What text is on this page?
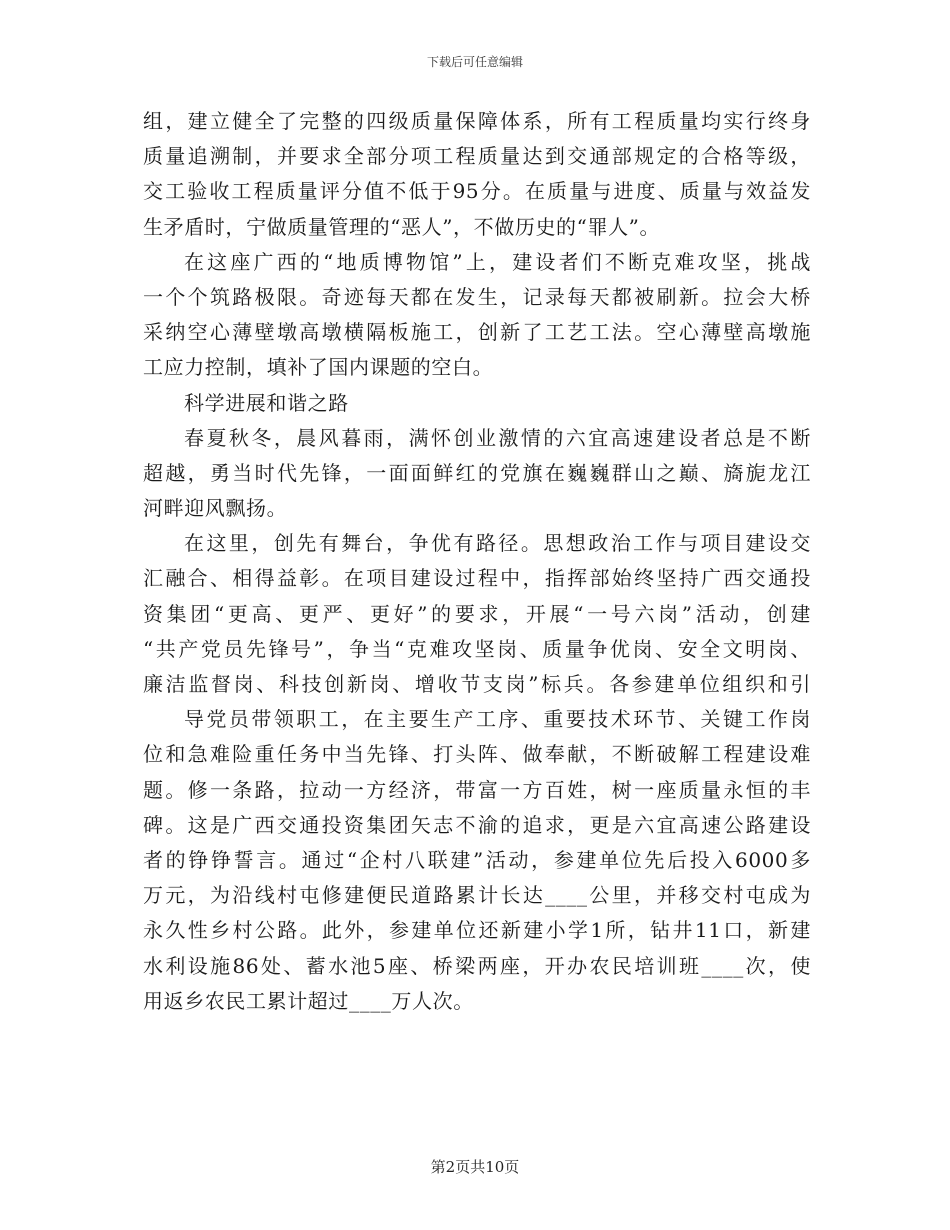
下载后可任意编辑
组，建立健全了完整的四级质量保障体系，所有工程质量均实行终身
质量追溯制，并要求全部分项工程质量达到交通部规定的合格等级，
交工验收工程质量评分值不低于95分。在质量与进度、质量与效益发
生矛盾时，宁做质量管理的“恶人”，不做历史的“罪人”。
在这座广西的“地质博物馆”上，建设者们不断克难攻坚，挑战
一个个筑路极限。奇迹每天都在发生，记录每天都被刷新。拉会大桥
采纳空心薄壁墩高墩横隔板施工，创新了工艺工法。空心薄壁高墩施
工应力控制，填补了国内课题的空白。
科学进展和谐之路
春夏秋冬，晨风暮雨，满怀创业激情的六宜高速建设者总是不断
超越，勇当时代先锋，一面面鲜红的党旗在巍巍群山之巅、旖旎龙江
河畔迎风飘扬。
在这里，创先有舞台，争优有路径。思想政治工作与项目建设交
汇融合、相得益彰。在项目建设过程中，指挥部始终坚持广西交通投
资集团“更高、更严、更好”的要求，开展“一号六岗”活动，创建
“共产党员先锋号”，争当“克难攻坚岗、质量争优岗、安全文明岗、
廉洁监督岗、科技创新岗、增收节支岗”标兵。各参建单位组织和引
导党员带领职工，在主要生产工序、重要技术环节、关键工作岗
位和急难险重任务中当先锋、打头阵、做奉献，不断破解工程建设难
题。修一条路，拉动一方经济，带富一方百姓，树一座质量永恒的丰
碑。这是广西交通投资集团矢志不渝的追求，更是六宜高速公路建设
者的铮铮誓言。通过“企村八联建”活动，参建单位先后投入6000多
万元，为沿线村屯修建便民道路累计长达____公里，并移交村屯成为
永久性乡村公路。此外，参建单位还新建小学1所，钻井11口，新建
水利设施86处、蓄水池5座、桥梁两座，开办农民培训班____次，使
用返乡农民工累计超过____万人次。
第2页共10页
